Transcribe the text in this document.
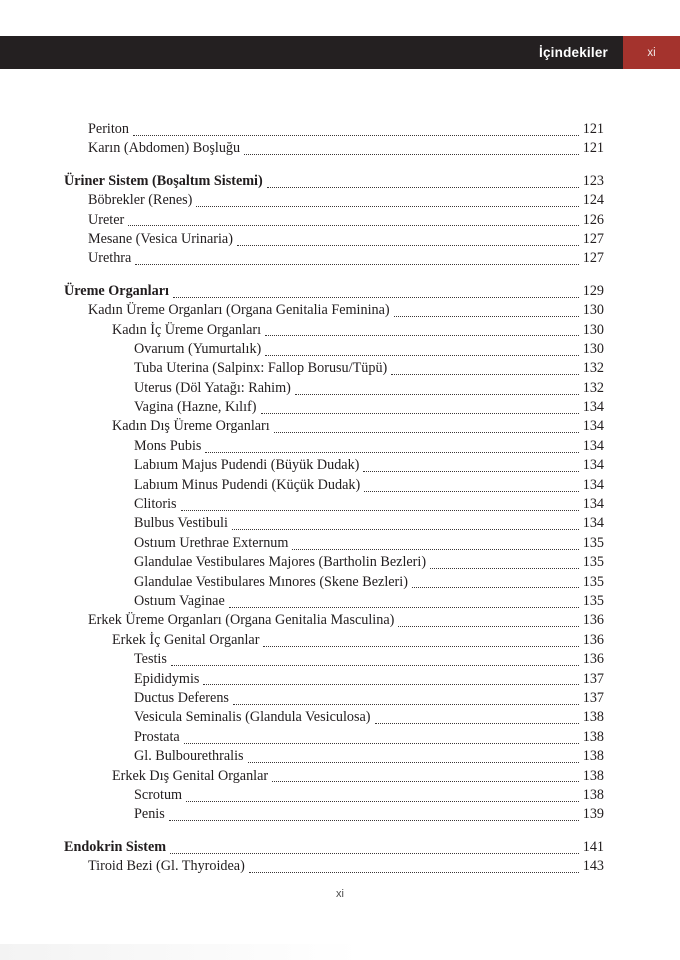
İçindekiler	xi
Periton	121
Karın (Abdomen) Boşluğu	121
Üriner Sistem (Boşaltım Sistemi)	123
Böbrekler (Renes)	124
Ureter	126
Mesane (Vesica Urinaria)	127
Urethra	127
Üreme Organları	129
Kadın Üreme Organları (Organa Genitalia Feminina)	130
Kadın İç Üreme Organları	130
Ovarıum (Yumurtalık)	130
Tuba Uterina (Salpinx: Fallop Borusu/Tüpü)	132
Uterus (Döl Yatağı: Rahim)	132
Vagina (Hazne, Kılıf)	134
Kadın Dış Üreme Organları	134
Mons Pubis	134
Labıum Majus Pudendi (Büyük Dudak)	134
Labıum Minus Pudendi (Küçük Dudak)	134
Clitoris	134
Bulbus Vestibuli	134
Ostıum Urethrae Externum	135
Glandulae Vestibulares Majores (Bartholin Bezleri)	135
Glandulae Vestibulares Mınores (Skene Bezleri)	135
Ostıum Vaginae	135
Erkek Üreme Organları (Organa Genitalia Masculina)	136
Erkek İç Genital Organlar	136
Testis	136
Epididymis	137
Ductus Deferens	137
Vesicula Seminalis (Glandula Vesiculosa)	138
Prostata	138
Gl. Bulbourethralis	138
Erkek Dış Genital Organlar	138
Scrotum	138
Penis	139
Endokrin Sistem	141
Tiroid Bezi (Gl. Thyroidea)	143
xi
